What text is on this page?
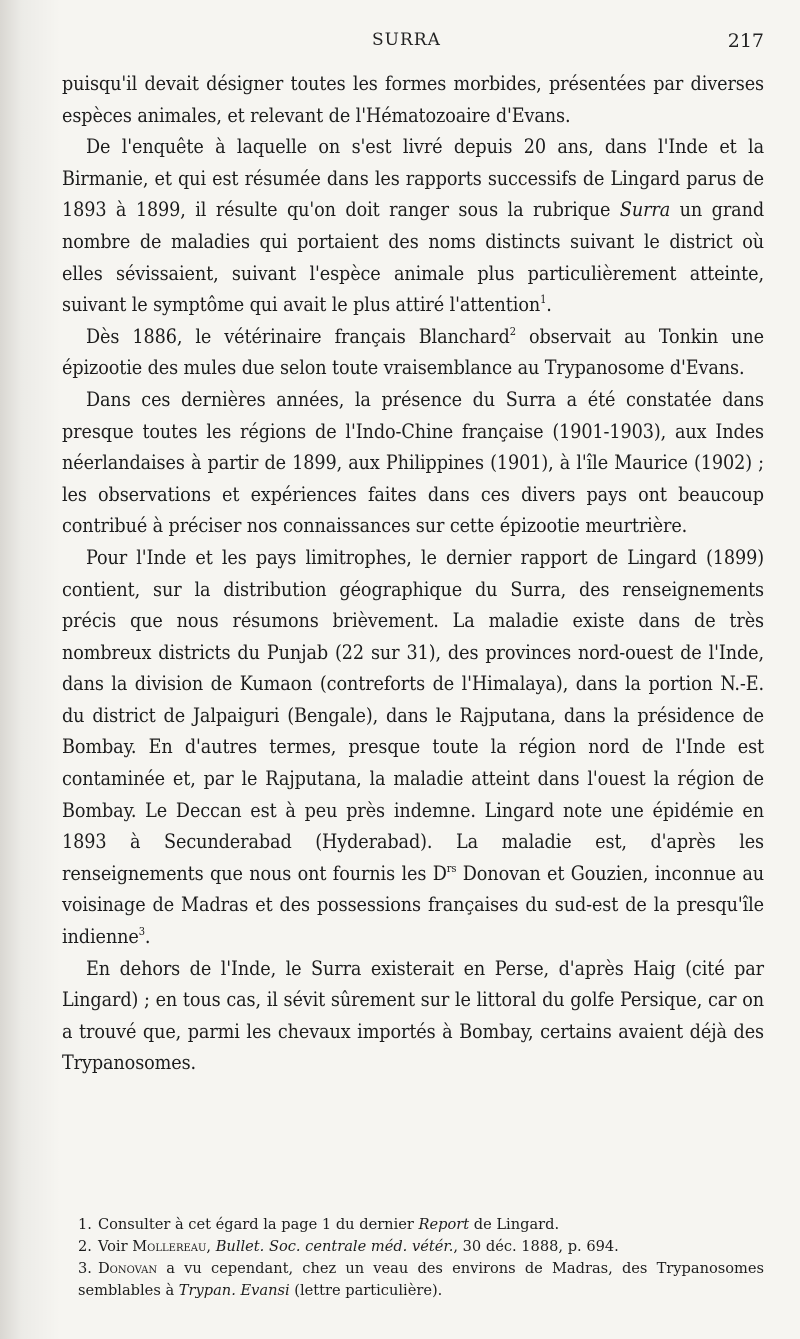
SURRA	217

puisqu'il devait désigner toutes les formes morbides, présentées par diverses espèces animales, et relevant de l'Hématozoaire d'Evans.

De l'enquête à laquelle on s'est livré depuis 20 ans, dans l'Inde et la Birmanie, et qui est résumée dans les rapports successifs de Lingard parus de 1893 à 1899, il résulte qu'on doit ranger sous la rubrique Surra un grand nombre de maladies qui portaient des noms distincts suivant le district où elles sévissaient, suivant l'espèce animale plus particulièrement atteinte, suivant le symptôme qui avait le plus attiré l'attention$^1$.

Dès 1886, le vétérinaire français Blanchard$^2$ observait au Tonkin une épizootie des mules due selon toute vraisemblance au Trypanosome d'Evans.

Dans ces dernières années, la présence du Surra a été constatée dans presque toutes les régions de l'Indo-Chine française (1901-1903), aux Indes néerlandaises à partir de 1899, aux Philippines (1901), à l'île Maurice (1902) ; les observations et expériences faites dans ces divers pays ont beaucoup contribué à préciser nos connaissances sur cette épizootie meurtrière.

Pour l'Inde et les pays limitrophes, le dernier rapport de Lingard (1899) contient, sur la distribution géographique du Surra, des renseignements précis que nous résumons brièvement. La maladie existe dans de très nombreux districts du Punjab (22 sur 31), des provinces nord-ouest de l'Inde, dans la division de Kumaon (contreforts de l'Himalaya), dans la portion N.-E. du district de Jalpaiguri (Bengale), dans le Rajputana, dans la présidence de Bombay. En d'autres termes, presque toute la région nord de l'Inde est contaminée et, par le Rajputana, la maladie atteint dans l'ouest la région de Bombay. Le Deccan est à peu près indemne. Lingard note une épidémie en 1893 à Secunderabad (Hyderabad). La maladie est, d'après les renseignements que nous ont fournis les $D^{rs}$ Donovan et Gouzien, inconnue au voisinage de Madras et des possessions françaises du sud-est de la presqu'île indienne$^3$.

En dehors de l'Inde, le Surra existerait en Perse, d'après Haig (cité par Lingard) ; en tous cas, il sévit sûrement sur le littoral du golfe Persique, car on a trouvé que, parmi les chevaux importés à Bombay, certains avaient déjà des Trypanosomes.

1. Consulter à cet égard la page 1 du dernier Report de Lingard.

2. Voir Mollereau, Bullet. Soc. centrale méd. vétér., 30 déc. 1888, p. 694.

3. Donovan a vu cependant, chez un veau des environs de Madras, des Trypanosomes semblables à Trypan. Evansi (lettre particulière).
